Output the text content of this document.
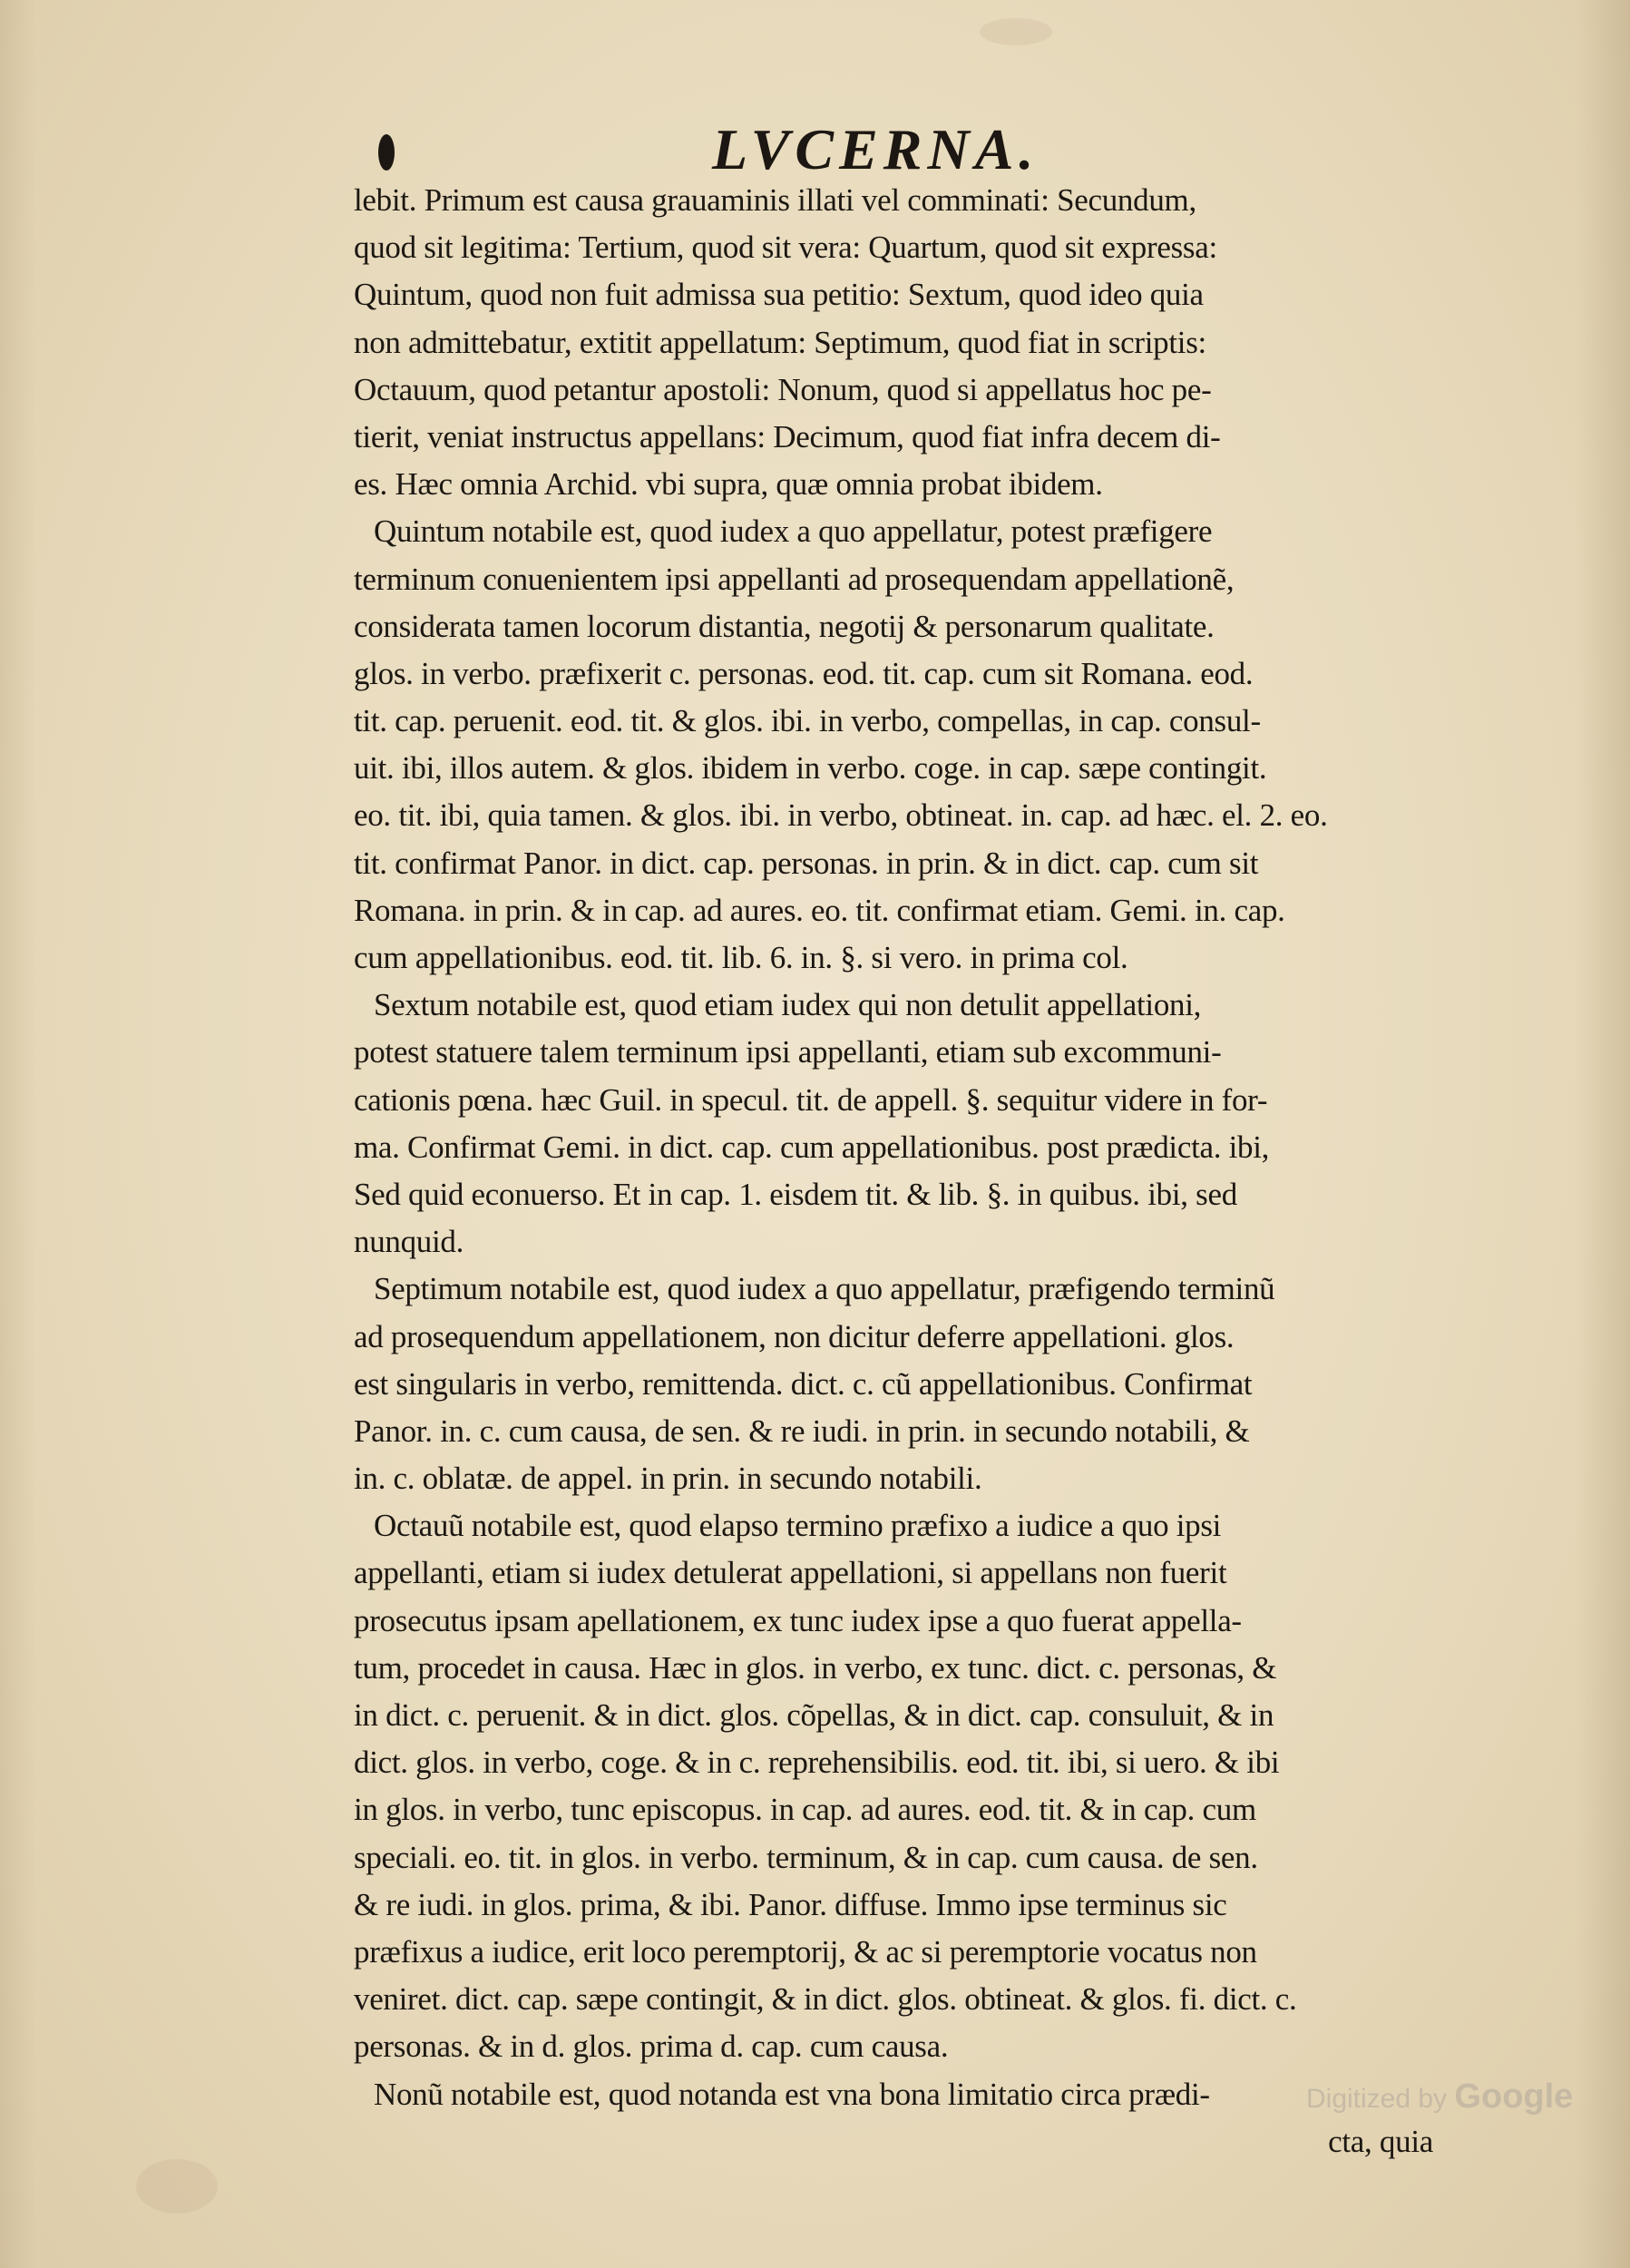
LVCERNA.
lebit. Primum est causa grauaminis illati vel comminati: Secundum,
quod sit legitima: Tertium, quod sit vera: Quartum, quod sit expressa:
Quintum, quod non fuit admissa sua petitio: Sextum, quod ideo quia
non admittebatur, extitit appellatum: Septimum, quod fiat in scriptis:
Octauum, quod petantur apostoli: Nonum, quod si appellatus hoc pe-
tierit, veniat instructus appellans: Decimum, quod fiat infra decem di-
es. Hæc omnia Archid. vbi supra, quæ omnia probat ibidem.
Quintum notabile est, quod iudex a quo appellatur, potest præfigere
terminum conuenientem ipsi appellanti ad prosequendam appellationẽ,
considerata tamen locorum distantia, negotij & personarum qualitate.
glos. in verbo. præfixerit c. personas. eod. tit. cap. cum sit Romana. eod.
tit. cap. peruenit. eod. tit. & glos. ibi. in verbo, compellas, in cap. consul-
uit. ibi, illos autem. & glos. ibidem in verbo. coge. in cap. sæpe contingit.
eo. tit. ibi, quia tamen. & glos. ibi. in verbo, obtineat. in. cap. ad hæc. el. 2. eo.
tit. confirmat Panor. in dict. cap. personas. in prin. & in dict. cap. cum sit
Romana. in prin. & in cap. ad aures. eo. tit. confirmat etiam. Gemi. in. cap.
cum appellationibus. eod. tit. lib. 6. in. §. si vero. in prima col.
Sextum notabile est, quod etiam iudex qui non detulit appellationi,
potest statuere talem terminum ipsi appellanti, etiam sub excommuni-
cationis pœna. hæc Guil. in specul. tit. de appell. §. sequitur videre in for-
ma. Confirmat Gemi. in dict. cap. cum appellationibus. post prædicta. ibi,
Sed quid econuerso. Et in cap. 1. eisdem tit. & lib. §. in quibus. ibi, sed
nunquid.
Septimum notabile est, quod iudex a quo appellatur, præfigendo terminũ
ad prosequendum appellationem, non dicitur deferre appellationi. glos.
est singularis in verbo, remittenda. dict. c. cũ appellationibus. Confirmat
Panor. in. c. cum causa, de sen. & re iudi. in prin. in secundo notabili, &
in. c. oblatæ. de appel. in prin. in secundo notabili.
Octauũ notabile est, quod elapso termino præfixo a iudice a quo ipsi
appellanti, etiam si iudex detulerat appellationi, si appellans non fuerit
prosecutus ipsam apellationem, ex tunc iudex ipse a quo fuerat appella-
tum, procedet in causa. Hæc in glos. in verbo, ex tunc. dict. c. personas, &
in dict. c. peruenit. & in dict. glos. cõpellas, & in dict. cap. consuluit, & in
dict. glos. in verbo, coge. & in c. reprehensibilis. eod. tit. ibi, si uero. & ibi
in glos. in verbo, tunc episcopus. in cap. ad aures. eod. tit. & in cap. cum
speciali. eo. tit. in glos. in verbo. terminum, & in cap. cum causa. de sen.
& re iudi. in glos. prima, & ibi. Panor. diffuse. Immo ipse terminus sic
præfixus a iudice, erit loco peremptorij, & ac si peremptorie vocatus non
veniret. dict. cap. sæpe contingit, & in dict. glos. obtineat. & glos. fi. dict. c.
personas. & in d. glos. prima d. cap. cum causa.
Nonũ notabile est, quod notanda est vna bona limitatio circa prædi-
cta, quia
Digitized by Google
